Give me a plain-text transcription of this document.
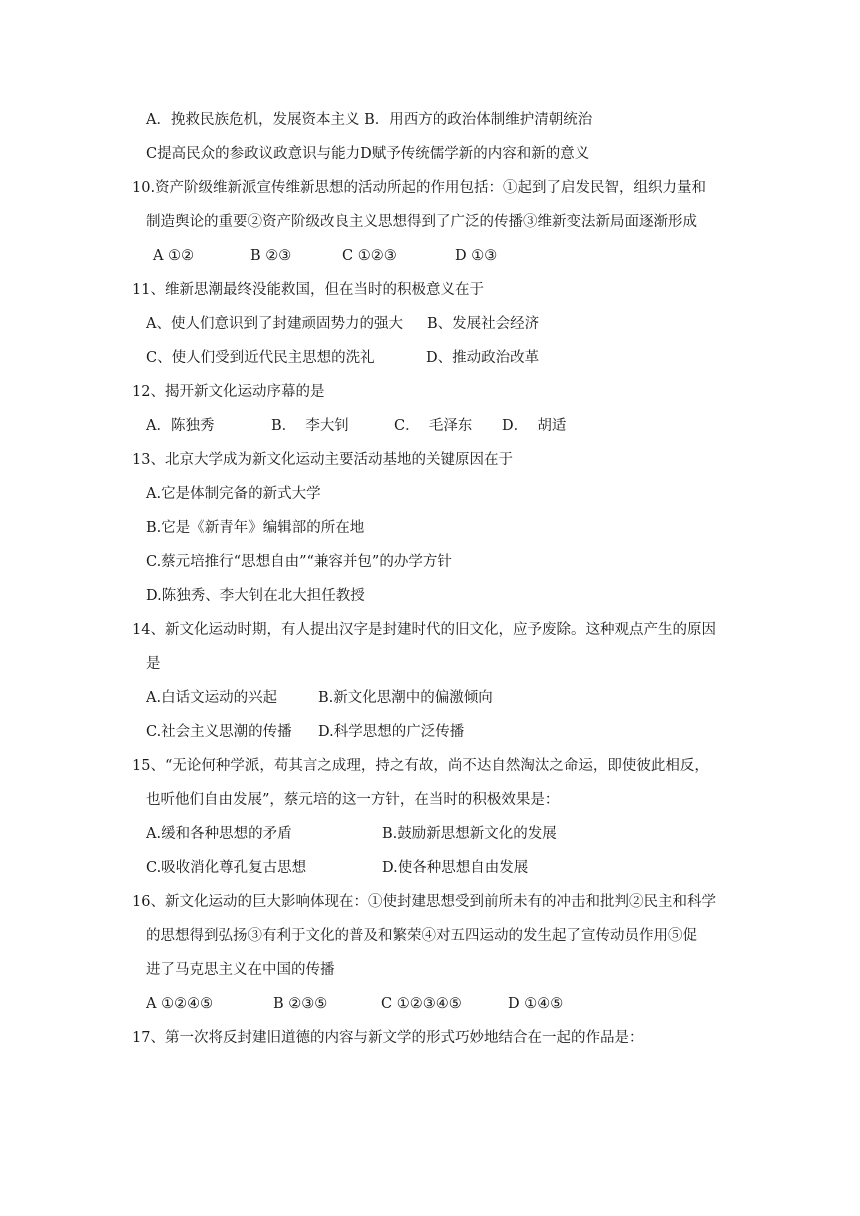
A．挽救民族危机，发展资本主义 B．用西方的政治体制维护清朝统治
C提高民众的参政议政意识与能力D赋予传统儒学新的内容和新的意义
10.资产阶级维新派宣传维新思想的活动所起的作用包括：①起到了启发民智，组织力量和
制造舆论的重要②资产阶级改良主义思想得到了广泛的传播③维新变法新局面逐渐形成
A ①②	B ②③	C ①②③	D ①③
11、维新思潮最终没能救国，但在当时的积极意义在于
A、使人们意识到了封建顽固势力的强大 B、发展社会经济
C、使人们受到近代民主思想的洗礼	D、推动政治改革
12、揭开新文化运动序幕的是
A．陈独秀	B．  李大钊	C．  毛泽东 D．  胡适
13、北京大学成为新文化运动主要活动基地的关键原因在于
A.它是体制完备的新式大学
B.它是《新青年》编辑部的所在地
C.蔡元培推行“思想自由”“兼容并包”的办学方针
D.陈独秀、李大钊在北大担任教授
14、新文化运动时期，有人提出汉字是封建时代的旧文化，应予废除。这种观点产生的原因
是
A.白话文运动的兴起	B.新文化思潮中的偏激倾向
C.社会主义思潮的传播 D.科学思想的广泛传播
15、“无论何种学派，苟其言之成理，持之有故，尚不达自然淘汰之命运，即使彼此相反，
也听他们自由发展”，蔡元培的这一方针，在当时的积极效果是：
A.缓和各种思想的矛盾	B.鼓励新思想新文化的发展
C.吸收消化尊孔复古思想	D.使各种思想自由发展
16、新文化运动的巨大影响体现在：①使封建思想受到前所未有的冲击和批判②民主和科学
的思想得到弘扬③有利于文化的普及和繁荣④对五四运动的发生起了宣传动员作用⑤促
进了马克思主义在中国的传播
A ①②④⑤	B ②③⑤	C ①②③④⑤	D ①④⑤
17、第一次将反封建旧道德的内容与新文学的形式巧妙地结合在一起的作品是：
